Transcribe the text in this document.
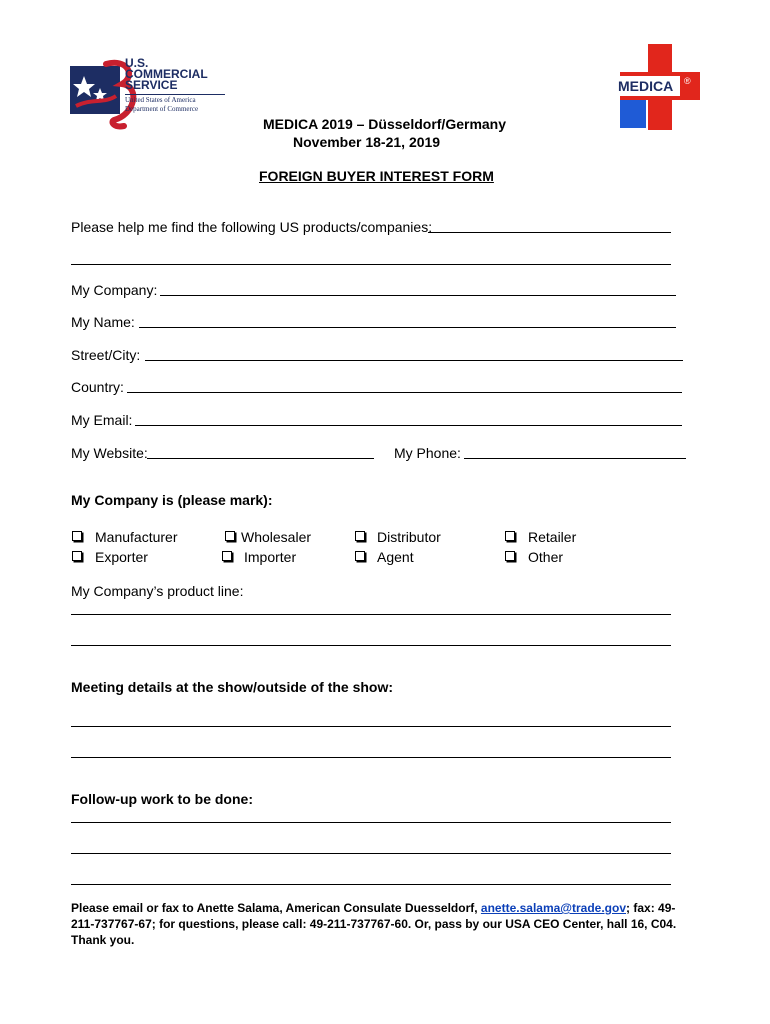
U.S.
COMMERCIAL
SERVICE
United States of America
Department of Commerce
MEDICA ®
MEDICA 2019 – Düsseldorf/Germany
November 18-21, 2019
FOREIGN BUYER INTEREST FORM
Please help me find the following US products/companies:
My Company:
My Name:
Street/City:
Country:
My Email:
My Website:	My Phone:
My Company is (please mark):
Manufacturer	Wholesaler	Distributor	Retailer
Exporter	Importer	Agent	Other
My Company’s product line:
Meeting details at the show/outside of the show:
Follow-up work to be done:
Please email or fax to Anette Salama, American Consulate Duesseldorf, anette.salama@trade.gov; fax: 49-211-737767-67; for questions, please call: 49-211-737767-60. Or, pass by our USA CEO Center, hall 16, C04. Thank you.
